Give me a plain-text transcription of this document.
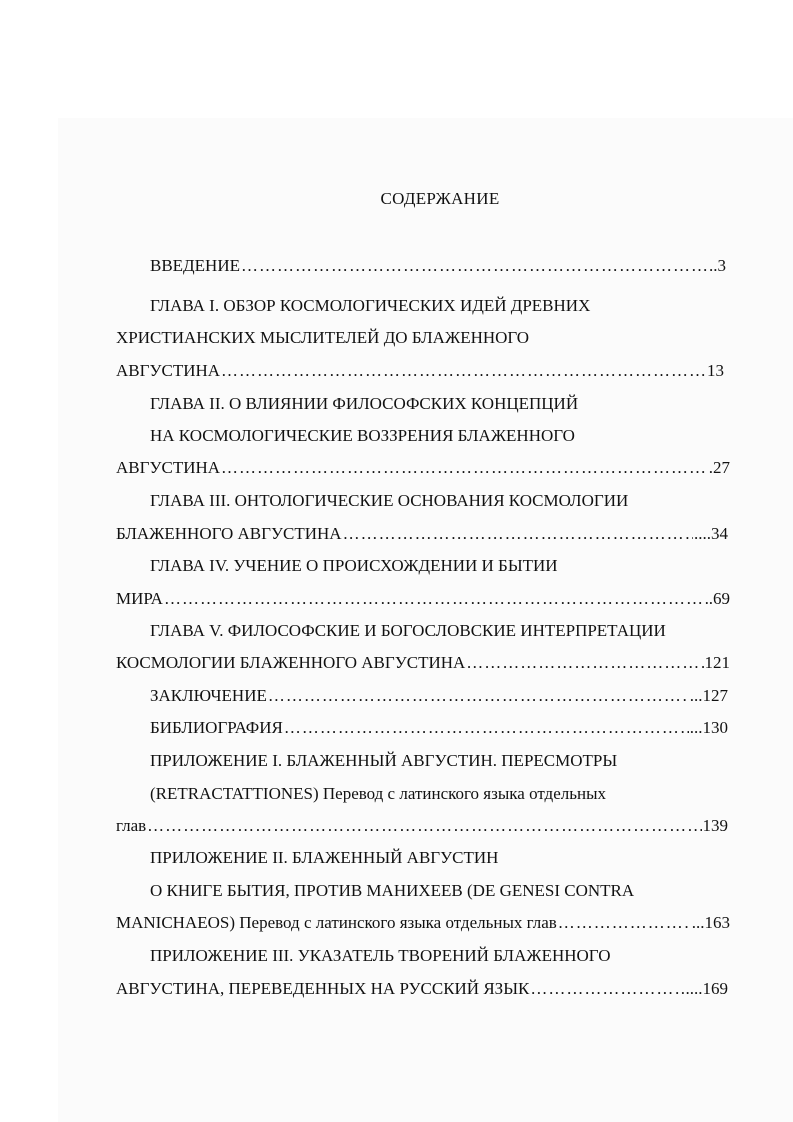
СОДЕРЖАНИЕ
ВВЕДЕНИЕ …………………………………………………………………………………………………………………………………………………………………………………………………	..3
ГЛАВА I. ОБЗОР КОСМОЛОГИЧЕСКИХ ИДЕЙ ДРЕВНИХ
ХРИСТИАНСКИХ МЫСЛИТЕЛЕЙ ДО БЛАЖЕННОГО
АВГУСТИНА …………………………………………………………………………………………………………………………………………………………………………………………………	13
ГЛАВА II. О ВЛИЯНИИ ФИЛОСОФСКИХ КОНЦЕПЦИЙ
НА КОСМОЛОГИЧЕСКИЕ ВОЗЗРЕНИЯ БЛАЖЕННОГО
АВГУСТИНА …………………………………………………………………………………………………………………………………………………………………………………………………	.27
ГЛАВА III. ОНТОЛОГИЧЕСКИЕ ОСНОВАНИЯ КОСМОЛОГИИ
БЛАЖЕННОГО АВГУСТИНА …………………………………………………………………………………………………………………………………………………………………………………………………	....34
ГЛАВА IV. УЧЕНИЕ О ПРОИСХОЖДЕНИИ И БЫТИИ
МИРА …………………………………………………………………………………………………………………………………………………………………………………………………	.69
ГЛАВА V. ФИЛОСОФСКИЕ И БОГОСЛОВСКИЕ ИНТЕРПРЕТАЦИИ
КОСМОЛОГИИ БЛАЖЕННОГО АВГУСТИНА …………………………………………………………………………………………………………………………………………………………………………………………………	121
ЗАКЛЮЧЕНИЕ …………………………………………………………………………………………………………………………………………………………………………………………………	...127
БИБЛИОГРАФИЯ …………………………………………………………………………………………………………………………………………………………………………………………………	...130
ПРИЛОЖЕНИЕ I. БЛАЖЕННЫЙ АВГУСТИН. ПЕРЕСМОТРЫ
(RETRACTATTIONES) Перевод с латинского языка отдельных
глав …………………………………………………………………………………………………………………………………………………………………………………………………	139
ПРИЛОЖЕНИЕ II. БЛАЖЕННЫЙ АВГУСТИН
О КНИГЕ БЫТИЯ, ПРОТИВ МАНИХЕЕВ (DE GENESI CONTRA
MANICHAEOS) Перевод с латинского языка отдельных глав …………………………………………………………………………………………………………………………………………………………………………………………………	...163
ПРИЛОЖЕНИЕ III. УКАЗАТЕЛЬ ТВОРЕНИЙ БЛАЖЕННОГО
АВГУСТИНА, ПЕРЕВЕДЕННЫХ НА РУССКИЙ ЯЗЫК …………………………………………………………………………………………………………………………………………………………………………………………………	....169
